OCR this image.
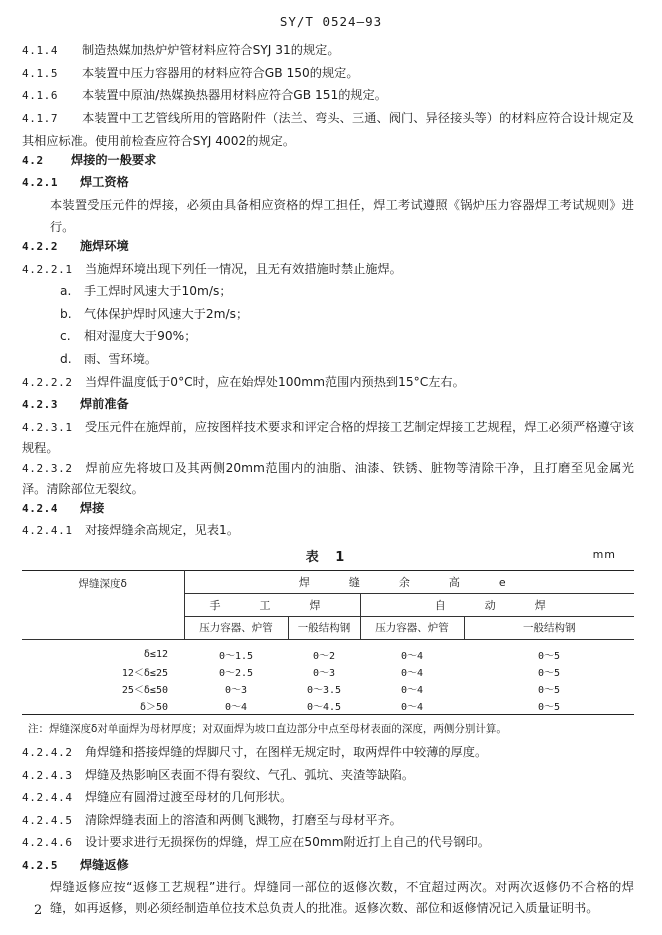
SY/T 0524—93
4.1.4 制造热媒加热炉炉管材料应符合SYJ 31的规定。
4.1.5 本装置中压力容器用的材料应符合GB 150的规定。
4.1.6 本装置中原油/热媒换热器用材料应符合GB 151的规定。
4.1.7 本装置中工艺管线所用的管路附件（法兰、弯头、三通、阀门、异径接头等）的材料应符合设计规定及其相应标准。使用前检查应符合SYJ 4002的规定。
4.2 焊接的一般要求
4.2.1 焊工资格
本装置受压元件的焊接，必须由具备相应资格的焊工担任，焊工考试遵照《锅炉压力容器焊工考试规则》进行。
4.2.2 施焊环境
4.2.2.1 当施焊环境出现下列任一情况，且无有效措施时禁止施焊。
a. 手工焊时风速大于10m/s；
b. 气体保护焊时风速大于2m/s；
c. 相对湿度大于90%；
d. 雨、雪环境。
4.2.2.2 当焊件温度低于0°C时，应在始焊处100mm范围内预热到15°C左右。
4.2.3 焊前准备
4.2.3.1 受压元件在施焊前，应按图样技术要求和评定合格的焊接工艺制定焊接工艺规程，焊工必须严格遵守该规程。
4.2.3.2 焊前应先将坡口及其两侧20mm范围内的油脂、油漆、铁锈、脏物等清除干净，且打磨至见金属光泽。清除部位无裂纹。
4.2.4 焊接
4.2.4.1 对接焊缝余高规定，见表1。
表 1	mm
焊缝深度δ	焊　缝　余　高　e			
	手　工　焊		自　动　焊	
	压力容器、炉管	一般结构钢	压力容器、炉管	一般结构钢
δ≤12	0～1.5	0～2	0～4	0～5
12＜δ≤25	0～2.5	0～3	0～4	0～5
25＜δ≤50	0～3	0～3.5	0～4	0～5
δ＞50	0～4	0～4.5	0～4	0～5
注：焊缝深度δ对单面焊为母材厚度；对双面焊为坡口直边部分中点至母材表面的深度，两侧分别计算。
4.2.4.2 角焊缝和搭接焊缝的焊脚尺寸，在图样无规定时，取两焊件中较薄的厚度。
4.2.4.3 焊缝及热影响区表面不得有裂纹、气孔、弧坑、夹渣等缺陷。
4.2.4.4 焊缝应有圆滑过渡至母材的几何形状。
4.2.4.5 清除焊缝表面上的溶渣和两侧飞溅物，打磨至与母材平齐。
4.2.4.6 设计要求进行无损探伤的焊缝，焊工应在50mm附近打上自己的代号钢印。
4.2.5 焊缝返修
焊缝返修应按“返修工艺规程”进行。焊缝同一部位的返修次数，不宜超过两次。对两次返修仍不合格的焊缝，如再返修，则必须经制造单位技术总负责人的批准。返修次数、部位和返修情况记入质量证明书。
2
